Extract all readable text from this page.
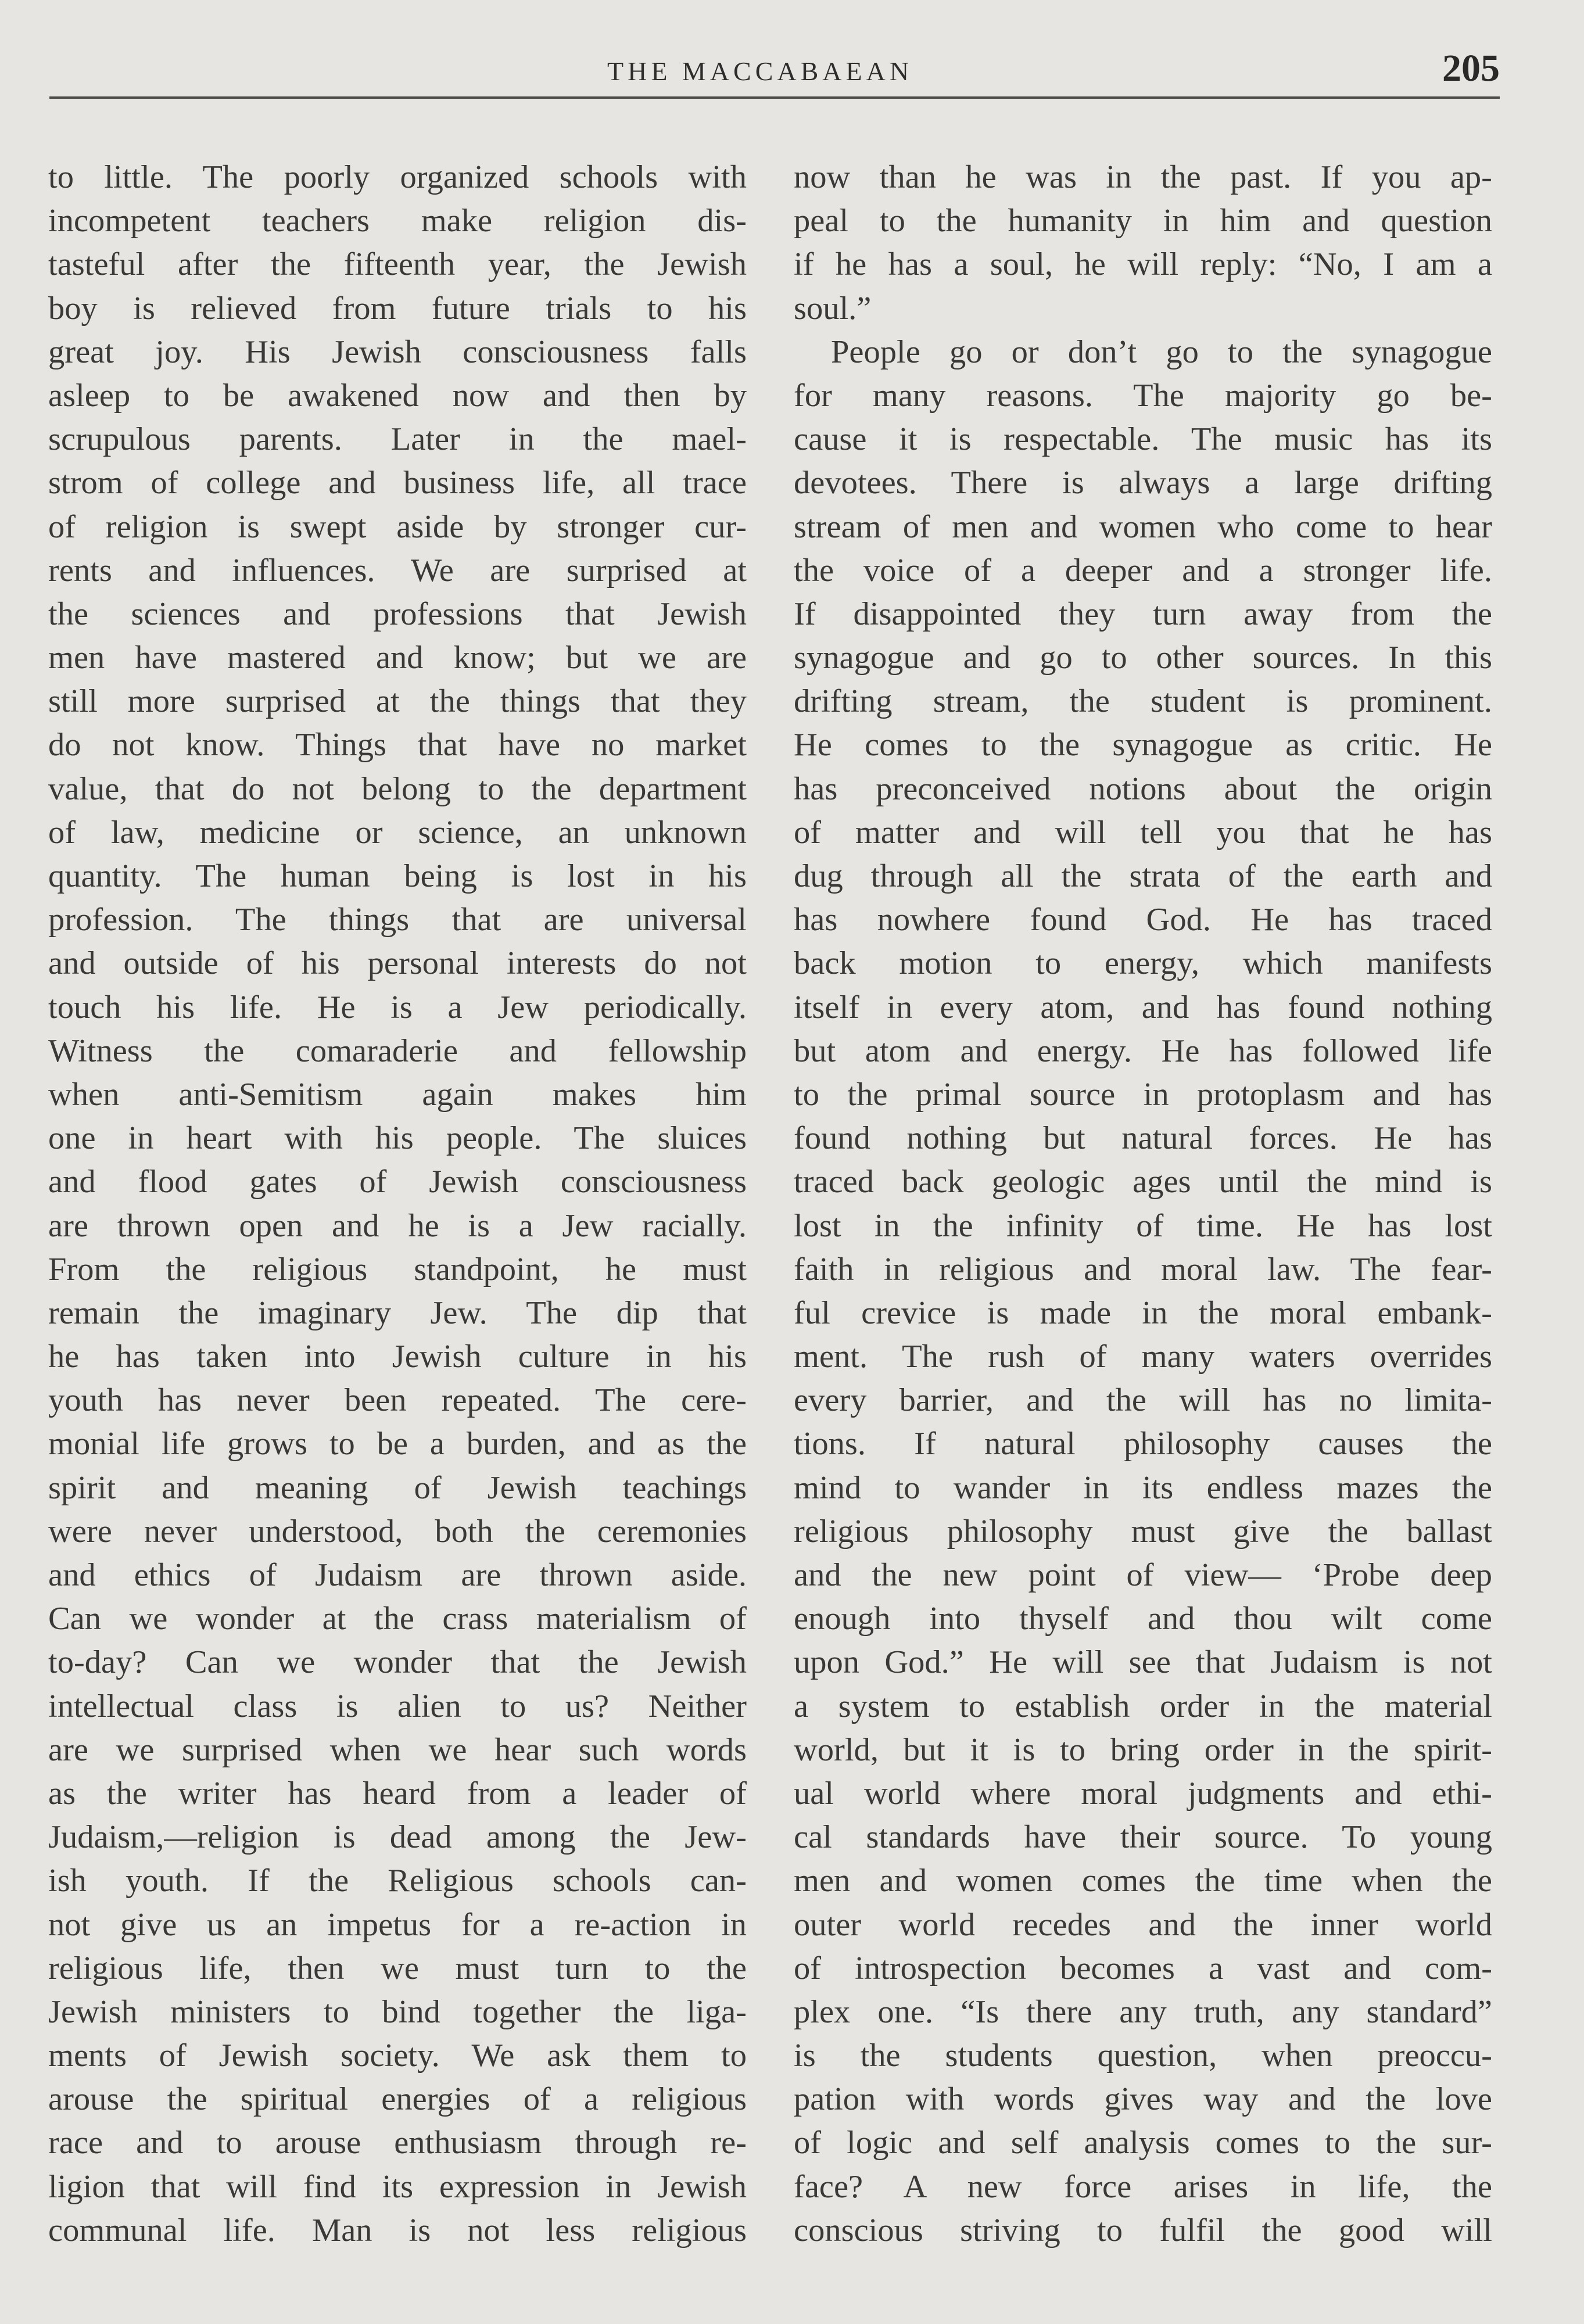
THE MACCABAEAN	205
to little. The poorly organized schools with
incompetent teachers make religion dis-
tasteful after the fifteenth year, the Jewish
boy is relieved from future trials to his
great joy. His Jewish consciousness falls
asleep to be awakened now and then by
scrupulous parents. Later in the mael-
strom of college and business life, all trace
of religion is swept aside by stronger cur-
rents and influences. We are surprised at
the sciences and professions that Jewish
men have mastered and know; but we are
still more surprised at the things that they
do not know. Things that have no market
value, that do not belong to the department
of law, medicine or science, an unknown
quantity. The human being is lost in his
profession. The things that are universal
and outside of his personal interests do not
touch his life. He is a Jew periodically.
Witness the comaraderie and fellowship
when anti-Semitism again makes him
one in heart with his people. The sluices
and flood gates of Jewish consciousness
are thrown open and he is a Jew racially.
From the religious standpoint, he must
remain the imaginary Jew. The dip that
he has taken into Jewish culture in his
youth has never been repeated. The cere-
monial life grows to be a burden, and as the
spirit and meaning of Jewish teachings
were never understood, both the ceremonies
and ethics of Judaism are thrown aside.
Can we wonder at the crass materialism of
to-day? Can we wonder that the Jewish
intellectual class is alien to us? Neither
are we surprised when we hear such words
as the writer has heard from a leader of
Judaism,—religion is dead among the Jew-
ish youth. If the Religious schools can-
not give us an impetus for a re-action in
religious life, then we must turn to the
Jewish ministers to bind together the liga-
ments of Jewish society. We ask them to
arouse the spiritual energies of a religious
race and to arouse enthusiasm through re-
ligion that will find its expression in Jewish
communal life. Man is not less religious
now than he was in the past. If you ap-
peal to the humanity in him and question
if he has a soul, he will reply: “No, I am a
soul.”
People go or don’t go to the synagogue
for many reasons. The majority go be-
cause it is respectable. The music has its
devotees. There is always a large drifting
stream of men and women who come to hear
the voice of a deeper and a stronger life.
If disappointed they turn away from the
synagogue and go to other sources. In this
drifting stream, the student is prominent.
He comes to the synagogue as critic. He
has preconceived notions about the origin
of matter and will tell you that he has
dug through all the strata of the earth and
has nowhere found God. He has traced
back motion to energy, which manifests
itself in every atom, and has found nothing
but atom and energy. He has followed life
to the primal source in protoplasm and has
found nothing but natural forces. He has
traced back geologic ages until the mind is
lost in the infinity of time. He has lost
faith in religious and moral law. The fear-
ful crevice is made in the moral embank-
ment. The rush of many waters overrides
every barrier, and the will has no limita-
tions. If natural philosophy causes the
mind to wander in its endless mazes the
religious philosophy must give the ballast
and the new point of view— ‘Probe deep
enough into thyself and thou wilt come
upon God.” He will see that Judaism is not
a system to establish order in the material
world, but it is to bring order in the spirit-
ual world where moral judgments and ethi-
cal standards have their source. To young
men and women comes the time when the
outer world recedes and the inner world
of introspection becomes a vast and com-
plex one. “Is there any truth, any standard”
is the students question, when preoccu-
pation with words gives way and the love
of logic and self analysis comes to the sur-
face? A new force arises in life, the
conscious striving to fulfil the good will
